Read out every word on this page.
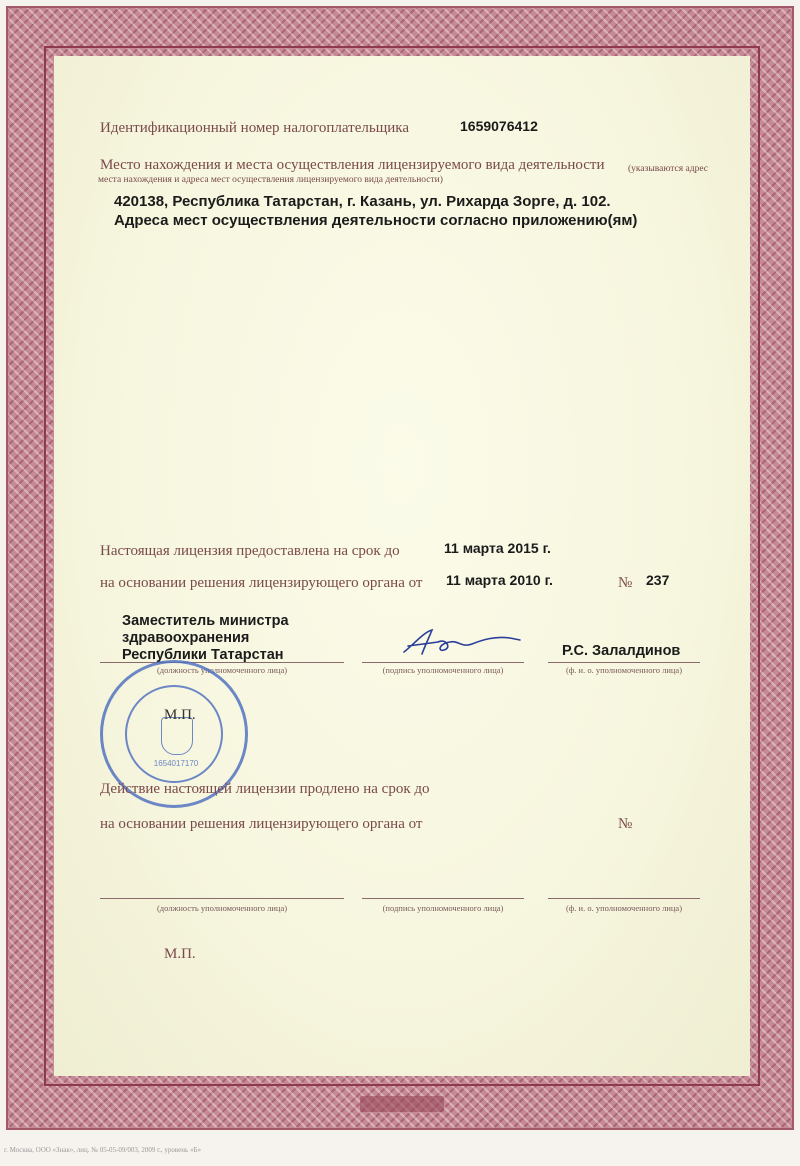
Идентификационный номер налогоплательщика	1659076412
Место нахождения и места осуществления лицензируемого вида деятельности (указываются адрес
места нахождения и адреса мест осуществления лицензируемого вида деятельности)
420138, Республика Татарстан, г. Казань, ул. Рихарда Зорге, д. 102.
Адреса мест осуществления деятельности согласно приложению(ям)
Настоящая лицензия предоставлена на срок до	11 марта 2015 г.
на основании решения лицензирующего органа от 11 марта 2010 г.	№ 237
Заместитель министра
здравоохранения
Республики Татарстан	Р.С. Залалдинов
(должность уполномоченного лица)	(подпись уполномоченного лица)	(ф. и. о. уполномоченного лица)
1654017170
М.П.
Действие настоящей лицензии продлено на срок до
на основании решения лицензирующего органа от	№
(должность уполномоченного лица)	(подпись уполномоченного лица)	(ф. и. о. уполномоченного лица)
М.П.
г. Москва, ООО «Знак», лиц. № 05-05-09/003, 2009 г., уровень «Б»
